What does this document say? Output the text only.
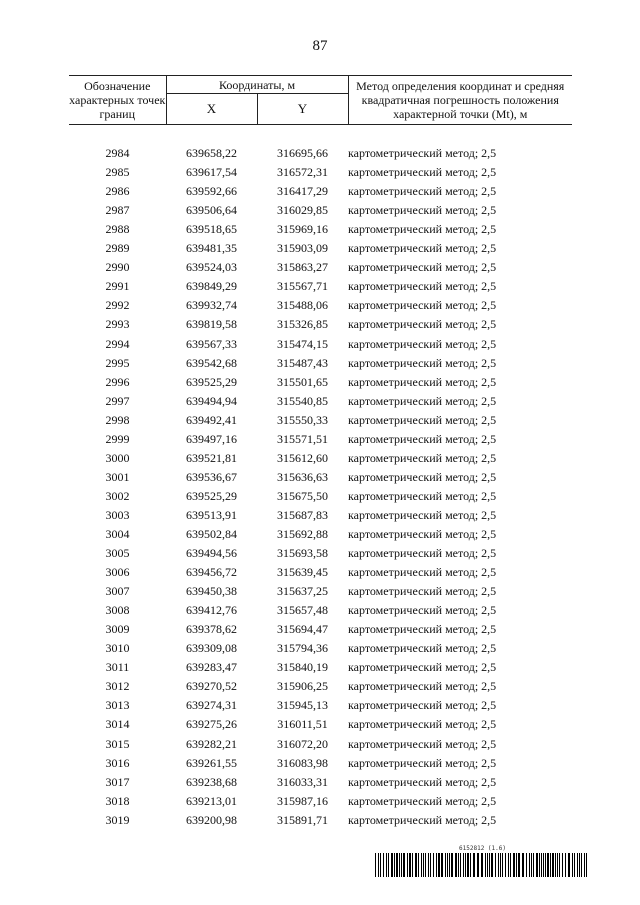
87
Обозначение характерных точек границ	Координаты, м		Метод определения координат и средняя квадратичная погрешность положения характерной точки (Mt), м
	X	Y	

2984	639658,22	316695,66	картометрический метод; 2,5
2985	639617,54	316572,31	картометрический метод; 2,5
2986	639592,66	316417,29	картометрический метод; 2,5
2987	639506,64	316029,85	картометрический метод; 2,5
2988	639518,65	315969,16	картометрический метод; 2,5
2989	639481,35	315903,09	картометрический метод; 2,5
2990	639524,03	315863,27	картометрический метод; 2,5
2991	639849,29	315567,71	картометрический метод; 2,5
2992	639932,74	315488,06	картометрический метод; 2,5
2993	639819,58	315326,85	картометрический метод; 2,5
2994	639567,33	315474,15	картометрический метод; 2,5
2995	639542,68	315487,43	картометрический метод; 2,5
2996	639525,29	315501,65	картометрический метод; 2,5
2997	639494,94	315540,85	картометрический метод; 2,5
2998	639492,41	315550,33	картометрический метод; 2,5
2999	639497,16	315571,51	картометрический метод; 2,5
3000	639521,81	315612,60	картометрический метод; 2,5
3001	639536,67	315636,63	картометрический метод; 2,5
3002	639525,29	315675,50	картометрический метод; 2,5
3003	639513,91	315687,83	картометрический метод; 2,5
3004	639502,84	315692,88	картометрический метод; 2,5
3005	639494,56	315693,58	картометрический метод; 2,5
3006	639456,72	315639,45	картометрический метод; 2,5
3007	639450,38	315637,25	картометрический метод; 2,5
3008	639412,76	315657,48	картометрический метод; 2,5
3009	639378,62	315694,47	картометрический метод; 2,5
3010	639309,08	315794,36	картометрический метод; 2,5
3011	639283,47	315840,19	картометрический метод; 2,5
3012	639270,52	315906,25	картометрический метод; 2,5
3013	639274,31	315945,13	картометрический метод; 2,5
3014	639275,26	316011,51	картометрический метод; 2,5
3015	639282,21	316072,20	картометрический метод; 2,5
3016	639261,55	316083,98	картометрический метод; 2,5
3017	639238,68	316033,31	картометрический метод; 2,5
3018	639213,01	315987,16	картометрический метод; 2,5
3019	639200,98	315891,71	картометрический метод; 2,5
6152812 (1.6)
